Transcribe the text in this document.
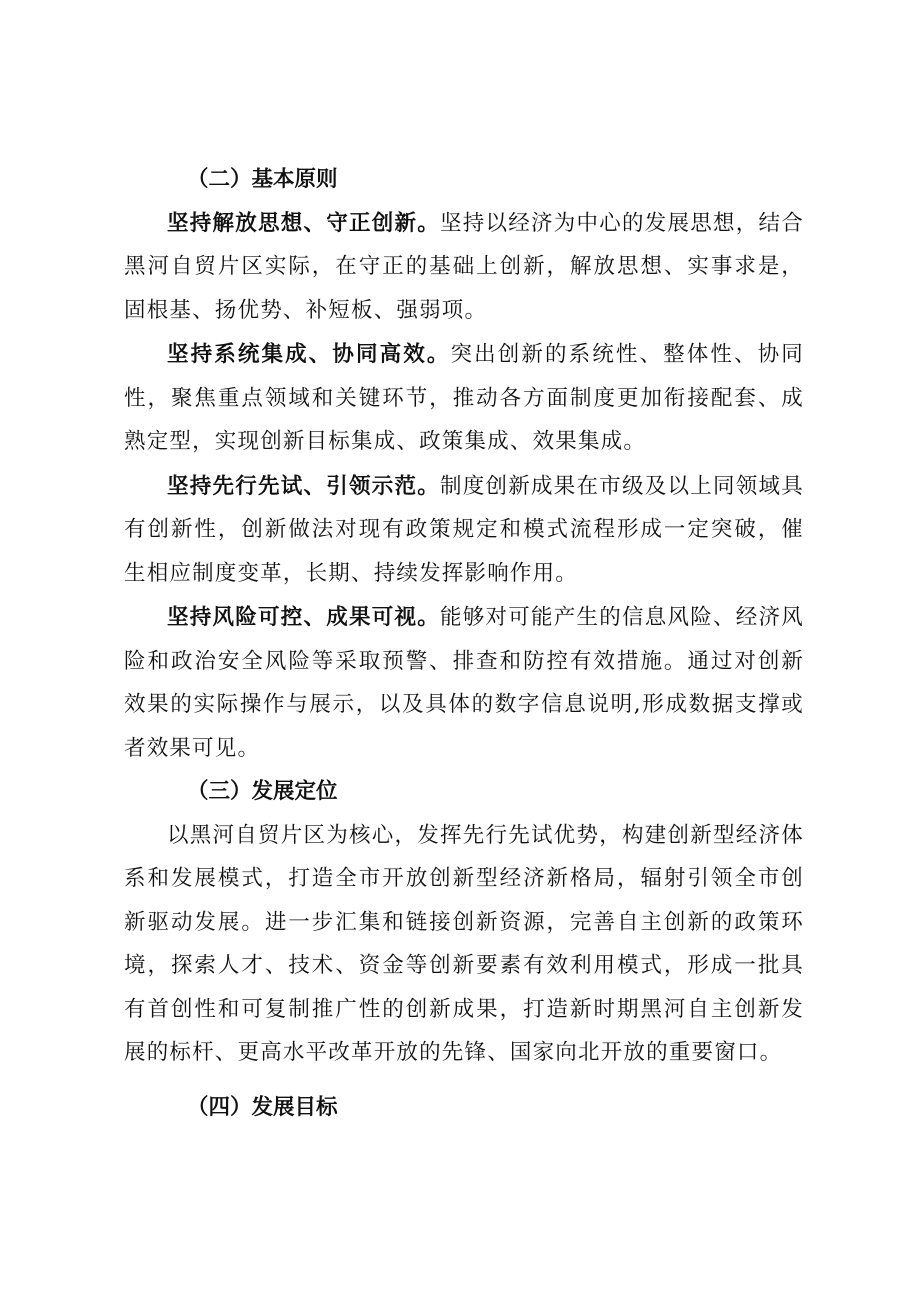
（二）基本原则

坚持解放思想、守正创新。坚持以经济为中心的发展思想，结合黑河自贸片区实际，在守正的基础上创新，解放思想、实事求是，固根基、扬优势、补短板、强弱项。

坚持系统集成、协同高效。突出创新的系统性、整体性、协同性，聚焦重点领域和关键环节，推动各方面制度更加衔接配套、成熟定型，实现创新目标集成、政策集成、效果集成。

坚持先行先试、引领示范。制度创新成果在市级及以上同领域具有创新性，创新做法对现有政策规定和模式流程形成一定突破，催生相应制度变革，长期、持续发挥影响作用。

坚持风险可控、成果可视。能够对可能产生的信息风险、经济风险和政治安全风险等采取预警、排查和防控有效措施。通过对创新效果的实际操作与展示，以及具体的数字信息说明,形成数据支撑或者效果可见。

（三）发展定位

以黑河自贸片区为核心，发挥先行先试优势，构建创新型经济体系和发展模式，打造全市开放创新型经济新格局，辐射引领全市创新驱动发展。进一步汇集和链接创新资源，完善自主创新的政策环境，探索人才、技术、资金等创新要素有效利用模式，形成一批具有首创性和可复制推广性的创新成果，打造新时期黑河自主创新发展的标杆、更高水平改革开放的先锋、国家向北开放的重要窗口。

（四）发展目标
